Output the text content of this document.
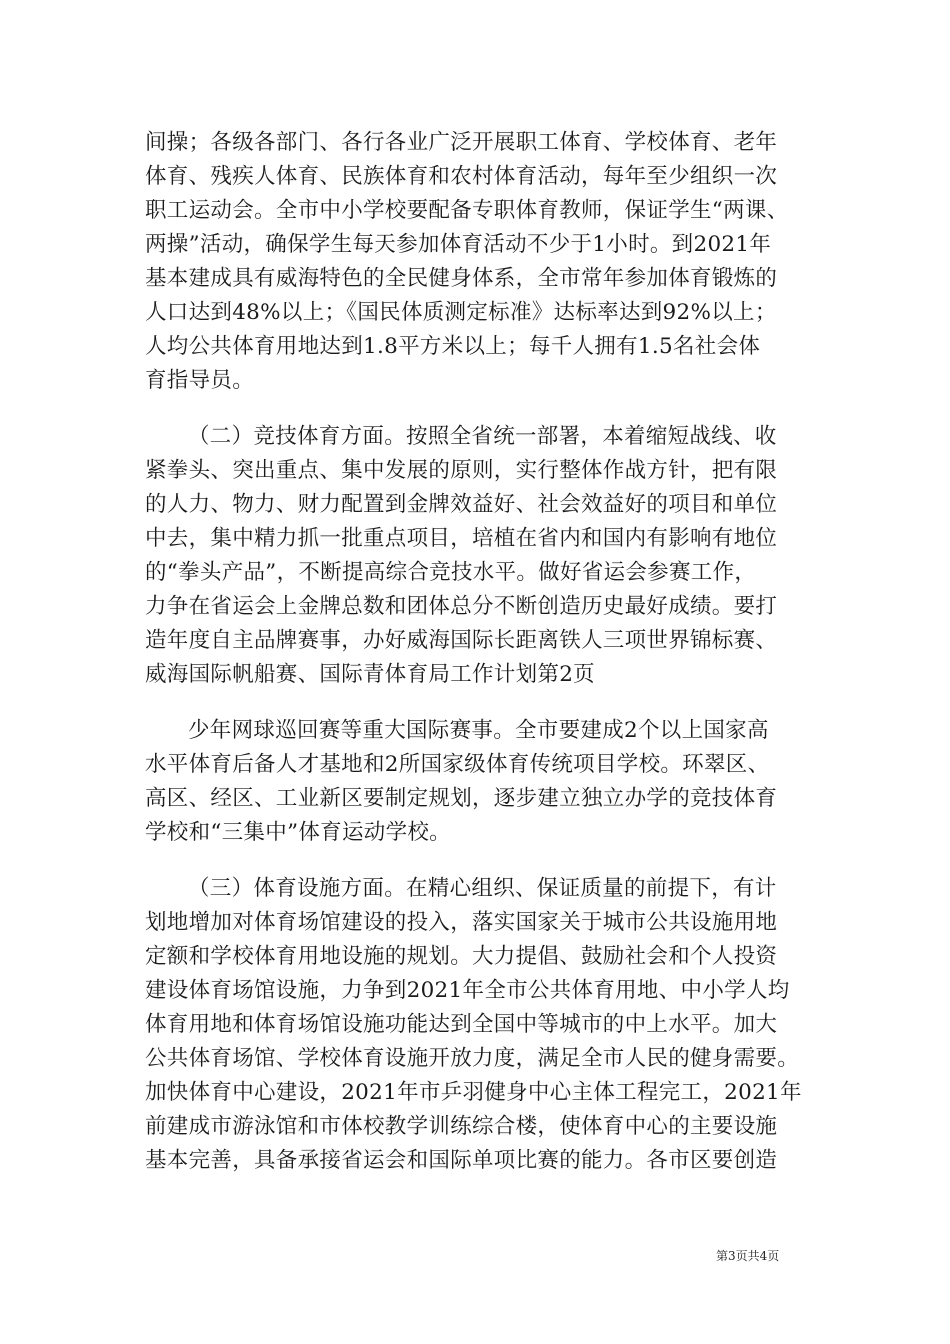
间操；各级各部门、各行各业广泛开展职工体育、学校体育、老年

体育、残疾人体育、民族体育和农村体育活动，每年至少组织一次

职工运动会。全市中小学校要配备专职体育教师，保证学生“两课、

两操”活动，确保学生每天参加体育活动不少于1小时。到2021年

基本建成具有威海特色的全民健身体系，全市常年参加体育锻炼的

人口达到48%以上；《国民体质测定标准》达标率达到92%以上；

人均公共体育用地达到1.8平方米以上；每千人拥有1.5名社会体

育指导员。

（二）竞技体育方面。按照全省统一部署，本着缩短战线、收

紧拳头、突出重点、集中发展的原则，实行整体作战方针，把有限

的人力、物力、财力配置到金牌效益好、社会效益好的项目和单位

中去，集中精力抓一批重点项目，培植在省内和国内有影响有地位

的“拳头产品”，不断提高综合竞技水平。做好省运会参赛工作，

力争在省运会上金牌总数和团体总分不断创造历史最好成绩。要打

造年度自主品牌赛事，办好威海国际长距离铁人三项世界锦标赛、

威海国际帆船赛、国际青体育局工作计划第2页

少年网球巡回赛等重大国际赛事。全市要建成2个以上国家高

水平体育后备人才基地和2所国家级体育传统项目学校。环翠区、

高区、经区、工业新区要制定规划，逐步建立独立办学的竞技体育

学校和“三集中”体育运动学校。

（三）体育设施方面。在精心组织、保证质量的前提下，有计

划地增加对体育场馆建设的投入，落实国家关于城市公共设施用地

定额和学校体育用地设施的规划。大力提倡、鼓励社会和个人投资

建设体育场馆设施，力争到2021年全市公共体育用地、中小学人均

体育用地和体育场馆设施功能达到全国中等城市的中上水平。加大

公共体育场馆、学校体育设施开放力度，满足全市人民的健身需要。

加快体育中心建设，2021年市乒羽健身中心主体工程完工，2021年

前建成市游泳馆和市体校教学训练综合楼，使体育中心的主要设施

基本完善，具备承接省运会和国际单项比赛的能力。各市区要创造

第3页共4页
